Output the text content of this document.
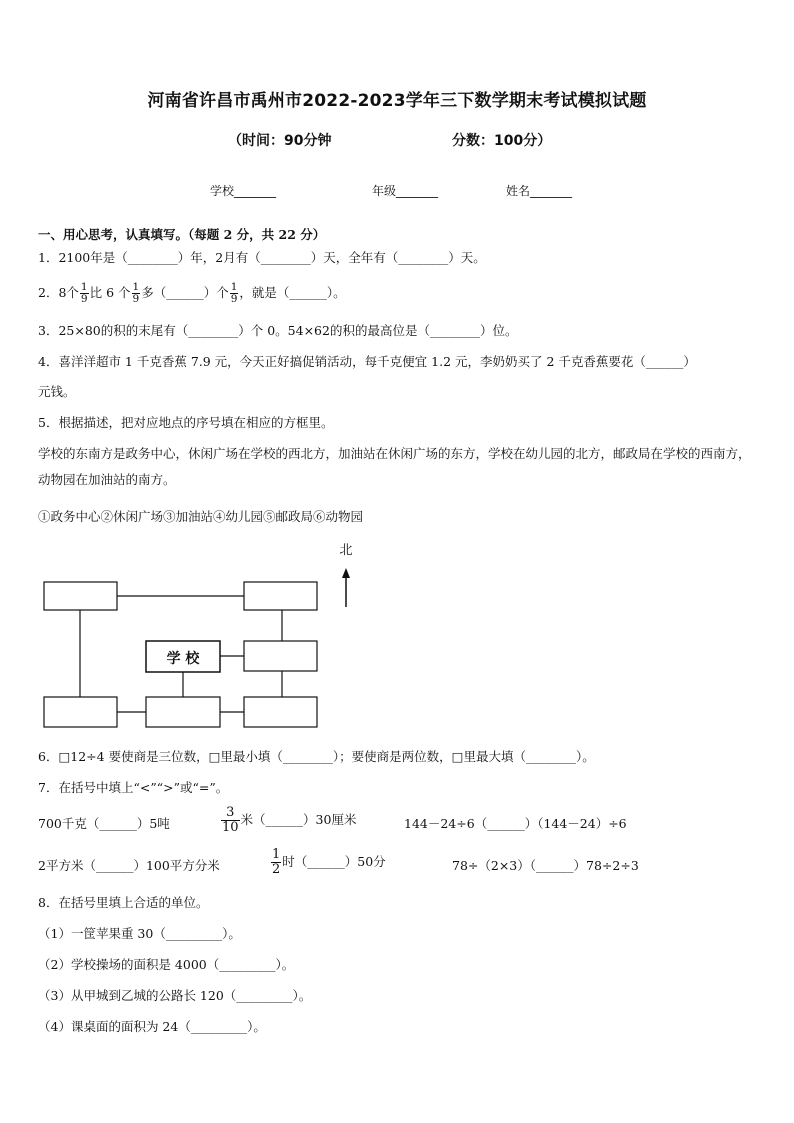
河南省许昌市禹州市2022-2023学年三下数学期末考试模拟试题
（时间：90分钟	分数：100分）
学校_______	年级_______	姓名_______
一、用心思考，认真填写。（每题 2 分，共 22 分）
1．2100年是（________）年，2月有（________）天，全年有（________）天。
2．8个 $\frac{1}{9}$ 比 6 个 $\frac{1}{9}$ 多（______）个 $\frac{1}{9}$ ，就是（______）。
3．25×80的积的末尾有（________）个 0。54×62的积的最高位是（________）位。
4．喜洋洋超市 1 千克香蕉 7.9 元，今天正好搞促销活动，每千克便宜 1.2 元，李奶奶买了 2 千克香蕉要花（______）
元钱。
5．根据描述，把对应地点的序号填在相应的方框里。
学校的东南方是政务中心，休闲广场在学校的西北方，加油站在休闲广场的东方，学校在幼儿园的北方，邮政局在学校的西南方，动物园在加油站的南方。
①政务中心②休闲广场③加油站④幼儿园⑤邮政局⑥动物园
北
学 校
6．□12÷4 要使商是三位数，□里最小填（________）；要使商是两位数，□里最大填（________）。
7．在括号中填上“<”“>”或“=”。
700千克（______）5吨	$\frac{3}{10}$ 米（______）30厘米	144－24÷6（______）（144－24）÷6
2平方米（______）100平方分米	$\frac{1}{2}$ 时（______）50分	78÷（2×3）（______）78÷2÷3
8．在括号里填上合适的单位。
（1）一筐苹果重 30（_________）。
（2）学校操场的面积是 4000（_________）。
（3）从甲城到乙城的公路长 120（_________）。
（4）课桌面的面积为 24（_________）。
